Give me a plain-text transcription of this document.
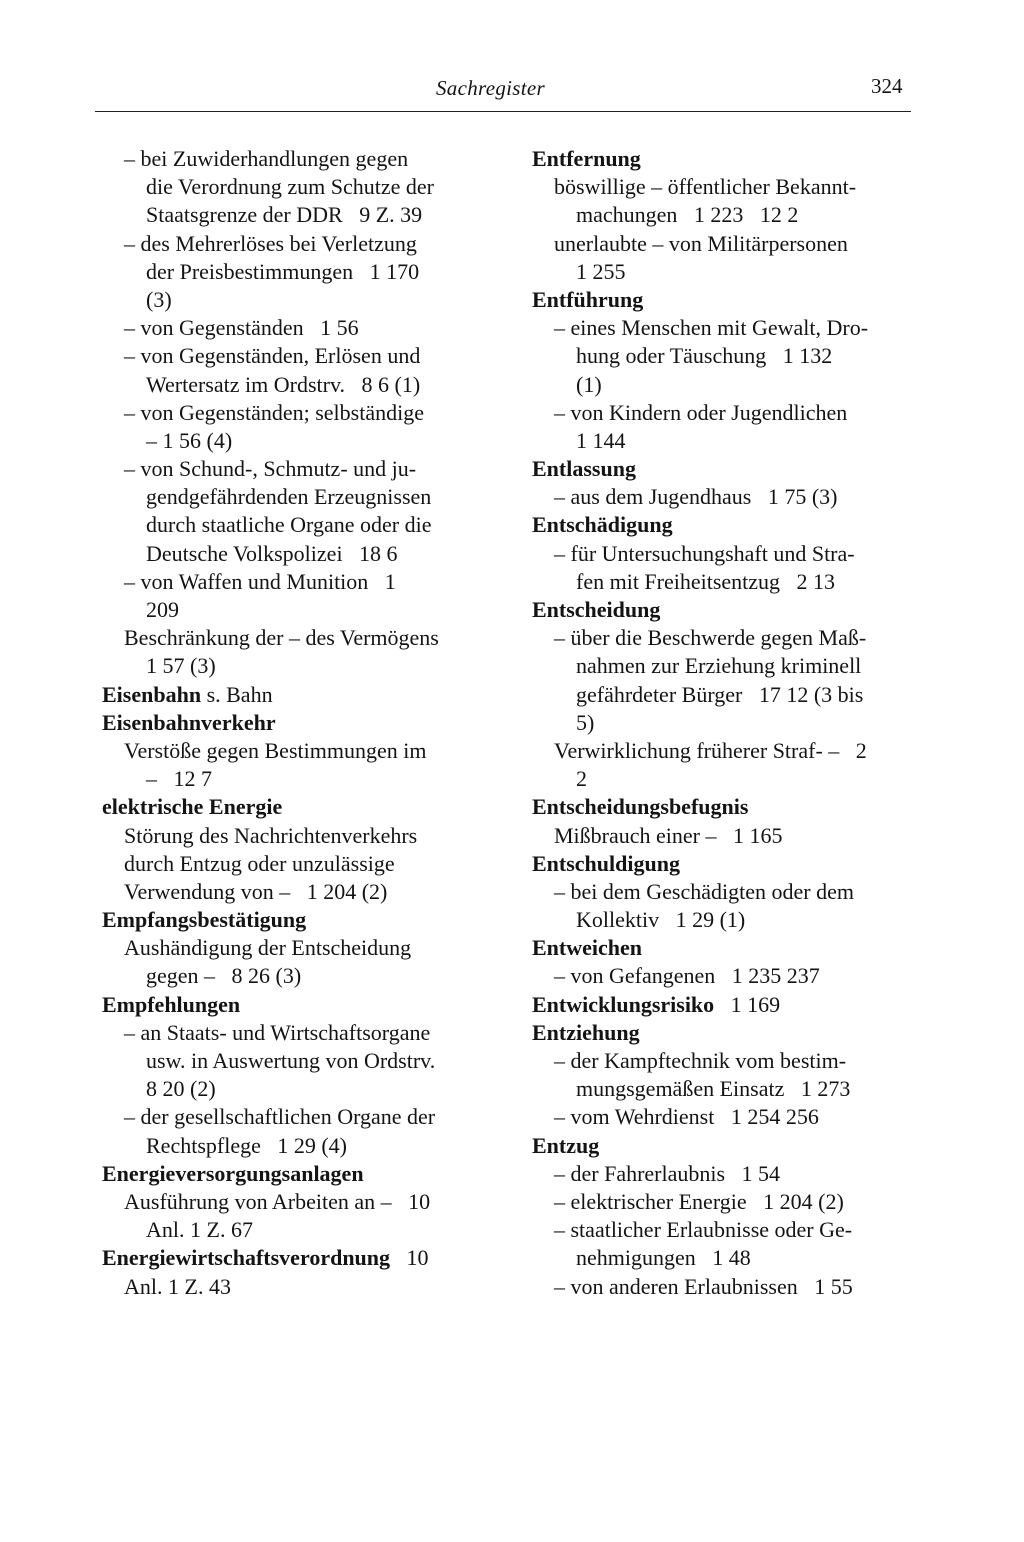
Sachregister	324
– bei Zuwiderhandlungen gegen
die Verordnung zum Schutze der
Staatsgrenze der DDR   9 Z. 39
– des Mehrerlöses bei Verletzung
der Preisbestimmungen   1 170
(3)
– von Gegenständen   1 56
– von Gegenständen, Erlösen und
Wertersatz im Ordstrv.   8 6 (1)
– von Gegenständen; selbständige
– 1 56 (4)
– von Schund-, Schmutz- und ju-
gendgefährdenden Erzeugnissen
durch staatliche Organe oder die
Deutsche Volkspolizei   18 6
– von Waffen und Munition   1
209
Beschränkung der – des Vermögens
1 57 (3)
Eisenbahn s. Bahn
Eisenbahnverkehr
Verstöße gegen Bestimmungen im
–   12 7
elektrische Energie
Störung des Nachrichtenverkehrs
durch Entzug oder unzulässige
Verwendung von –   1 204 (2)
Empfangsbestätigung
Aushändigung der Entscheidung
gegen –   8 26 (3)
Empfehlungen
– an Staats- und Wirtschaftsorgane
usw. in Auswertung von Ordstrv.
8 20 (2)
– der gesellschaftlichen Organe der
Rechtspflege   1 29 (4)
Energieversorgungsanlagen
Ausführung von Arbeiten an –   10
Anl. 1 Z. 67
Energiewirtschaftsverordnung   10
Anl. 1 Z. 43
Entfernung
böswillige – öffentlicher Bekannt-
machungen   1 223   12 2
unerlaubte – von Militärpersonen
1 255
Entführung
– eines Menschen mit Gewalt, Dro-
hung oder Täuschung   1 132
(1)
– von Kindern oder Jugendlichen
1 144
Entlassung
– aus dem Jugendhaus   1 75 (3)
Entschädigung
– für Untersuchungshaft und Stra-
fen mit Freiheitsentzug   2 13
Entscheidung
– über die Beschwerde gegen Maß-
nahmen zur Erziehung kriminell
gefährdeter Bürger   17 12 (3 bis
5)
Verwirklichung früherer Straf- –   2
2
Entscheidungsbefugnis
Mißbrauch einer –   1 165
Entschuldigung
– bei dem Geschädigten oder dem
Kollektiv   1 29 (1)
Entweichen
– von Gefangenen   1 235 237
Entwicklungsrisiko   1 169
Entziehung
– der Kampftechnik vom bestim-
mungsgemäßen Einsatz   1 273
– vom Wehrdienst   1 254 256
Entzug
– der Fahrerlaubnis   1 54
– elektrischer Energie   1 204 (2)
– staatlicher Erlaubnisse oder Ge-
nehmigungen   1 48
– von anderen Erlaubnissen   1 55
